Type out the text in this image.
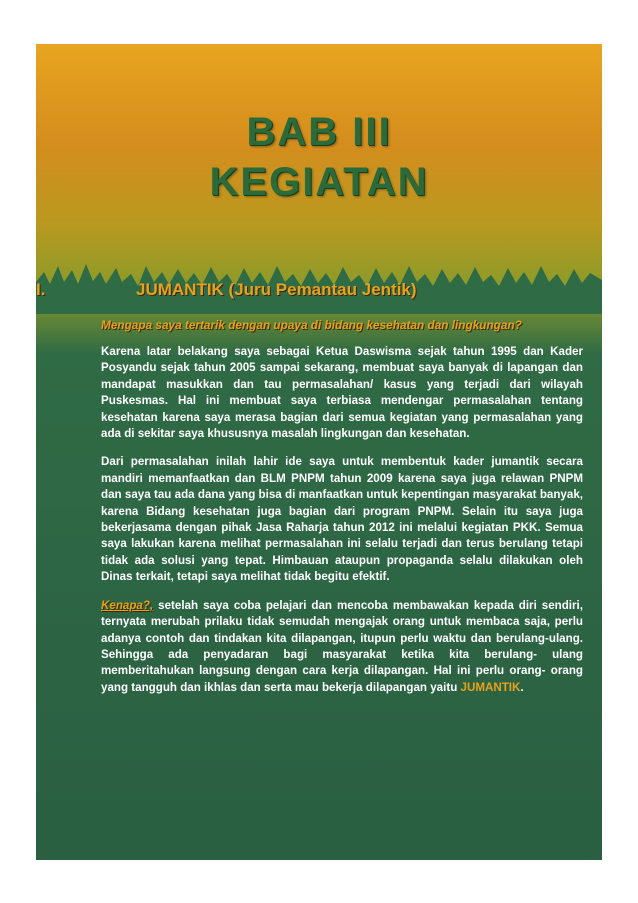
BAB III
KEGIATAN
I.	JUMANTIK (Juru Pemantau Jentik)

Mengapa saya tertarik dengan upaya di bidang kesehatan dan lingkungan?

Karena latar belakang saya sebagai Ketua Daswisma sejak tahun 1995 dan Kader Posyandu sejak tahun 2005 sampai sekarang, membuat saya banyak di lapangan dan mandapat masukkan dan tau permasalahan/ kasus yang terjadi dari wilayah Puskesmas. Hal ini membuat saya terbiasa mendengar permasalahan tentang kesehatan karena saya merasa bagian dari semua kegiatan yang permasalahan yang ada di sekitar saya khususnya masalah lingkungan dan kesehatan.

Dari permasalahan inilah lahir ide saya untuk membentuk kader jumantik secara mandiri memanfaatkan dan BLM PNPM tahun 2009 karena saya juga relawan PNPM dan saya tau ada dana yang bisa di manfaatkan untuk kepentingan masyarakat banyak, karena Bidang kesehatan juga bagian dari program PNPM. Selain itu saya juga bekerjasama dengan pihak Jasa Raharja tahun 2012 ini melalui kegiatan PKK. Semua saya lakukan karena melihat permasalahan ini selalu terjadi dan terus berulang tetapi tidak ada solusi yang tepat. Himbauan ataupun propaganda selalu dilakukan oleh Dinas terkait, tetapi saya melihat tidak begitu efektif.

Kenapa?, setelah saya coba pelajari dan mencoba membawakan kepada diri sendiri, ternyata merubah prilaku tidak semudah mengajak orang untuk membaca saja, perlu adanya contoh dan tindakan kita dilapangan, itupun perlu waktu dan berulang-ulang. Sehingga ada penyadaran bagi masyarakat ketika kita berulang- ulang memberitahukan langsung dengan cara kerja dilapangan. Hal ini perlu orang- orang yang tangguh dan ikhlas dan serta mau bekerja dilapangan yaitu JUMANTIK.
